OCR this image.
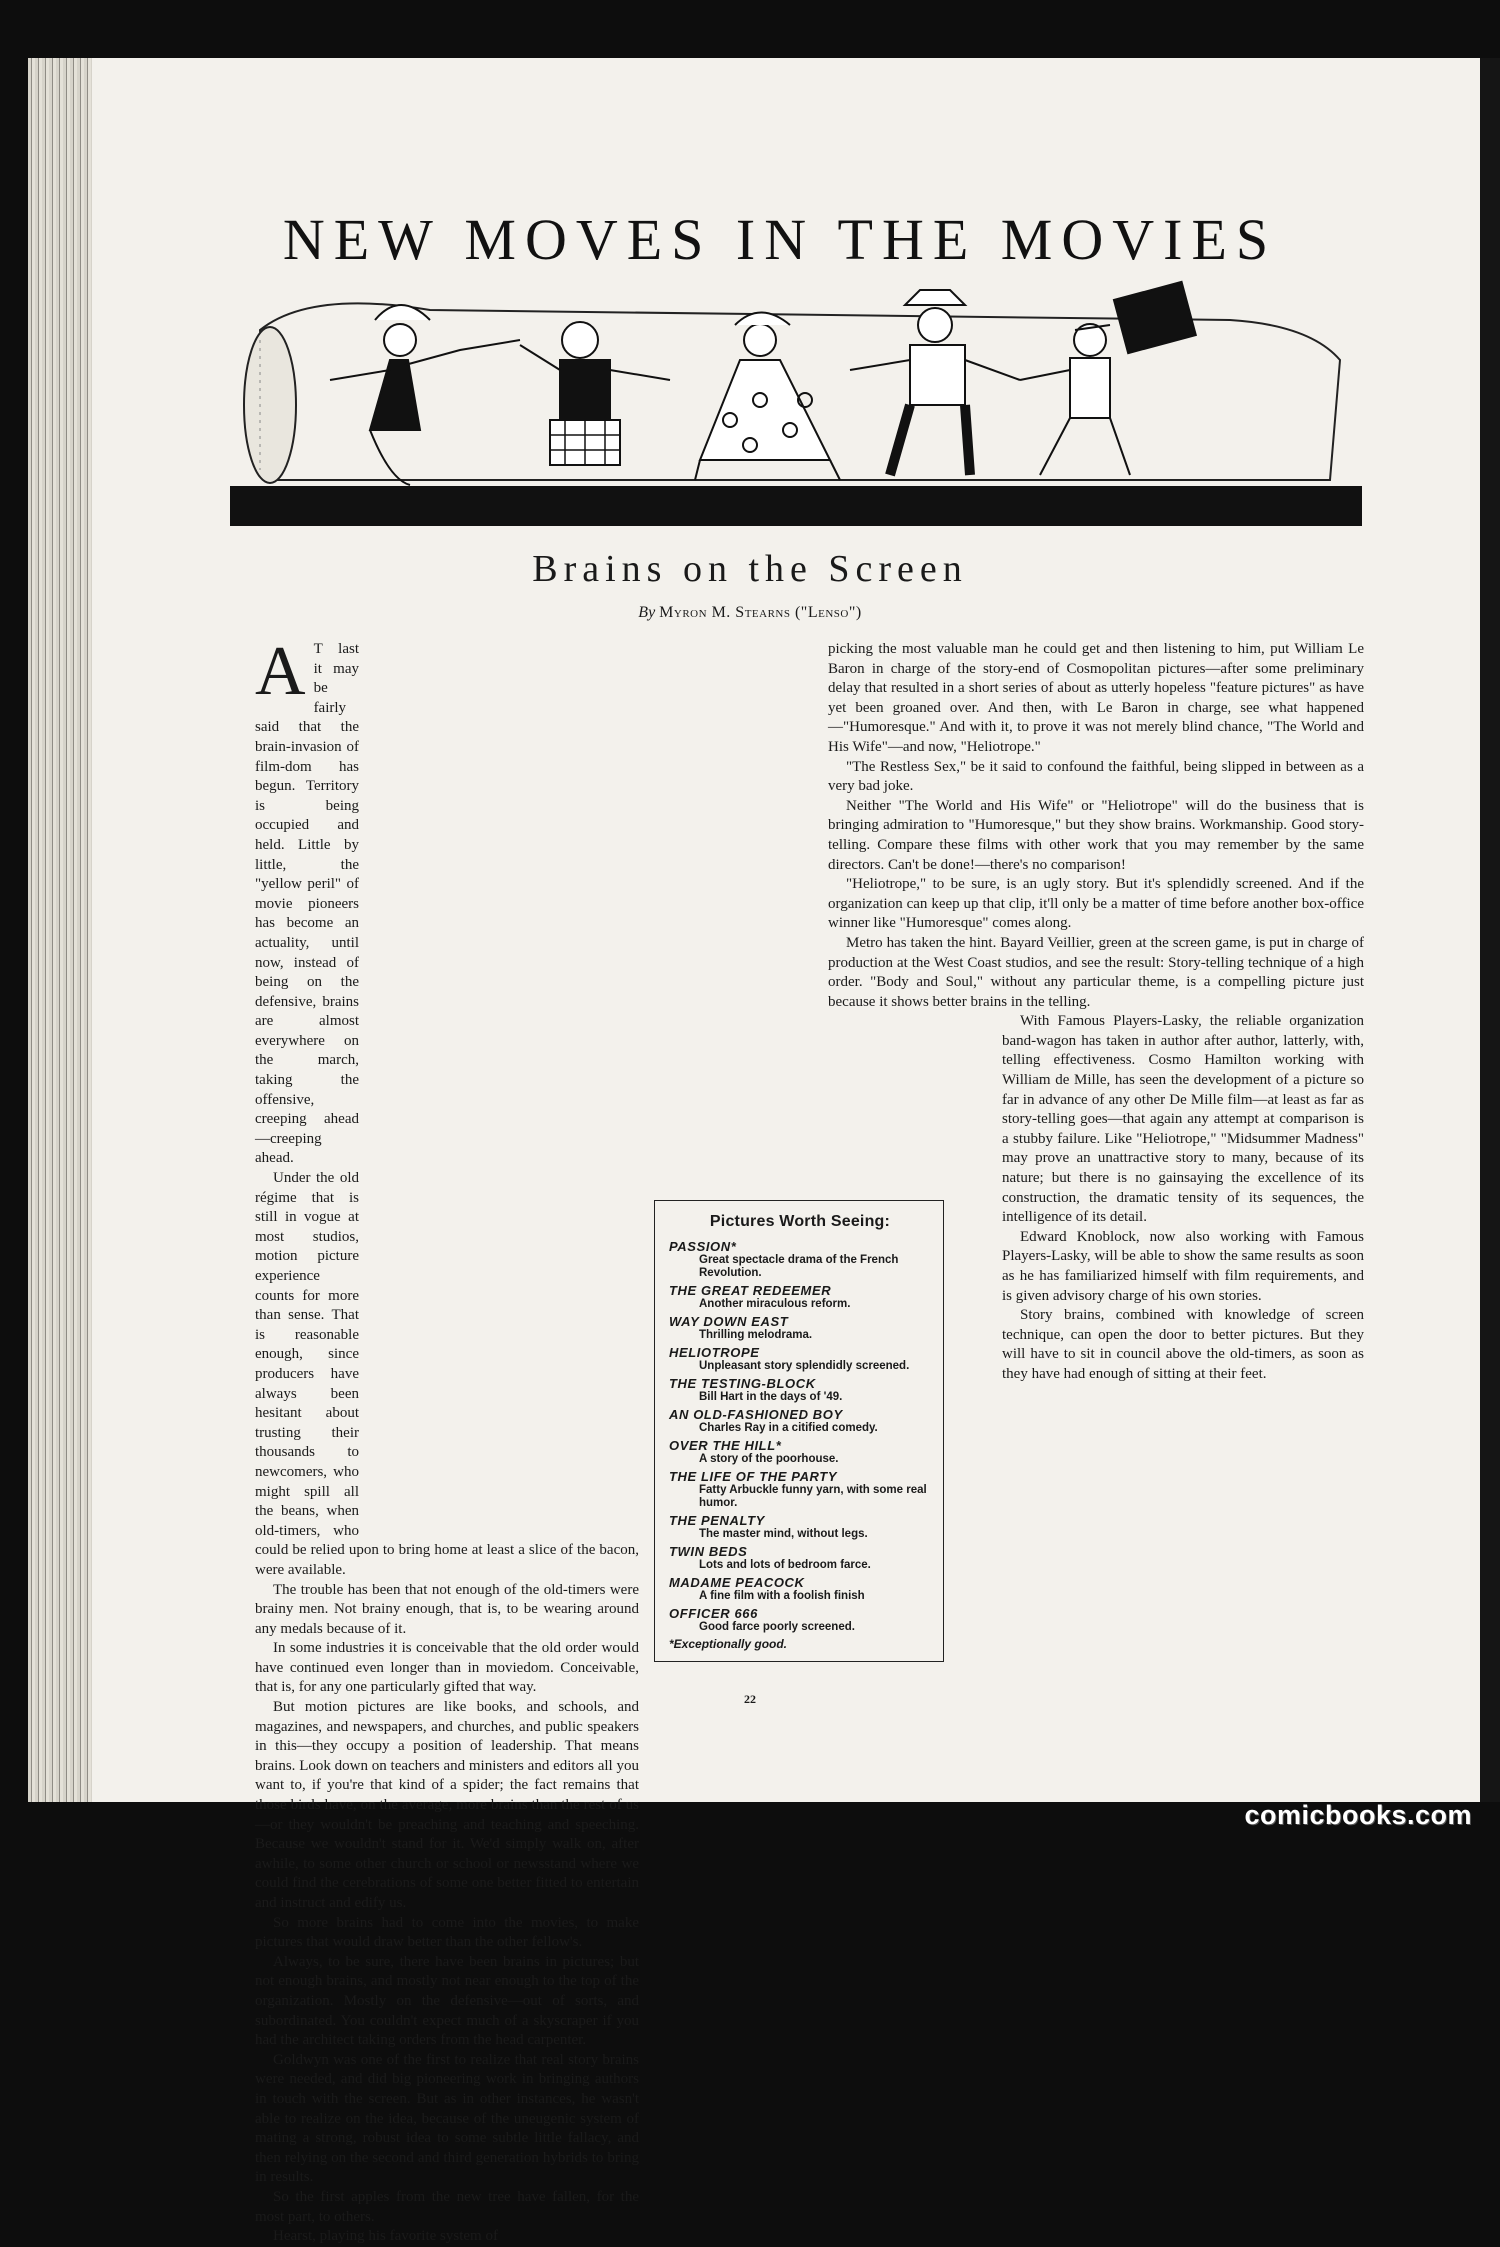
NEW MOVES IN THE MOVIES
Brains on the Screen
By Myron M. Stearns ("Lenso")
A T last it may be fairly said that the brain-invasion of film-dom has begun. Territory is being occupied and held. Little by little, the "yellow peril" of movie pioneers has become an actuality, until now, instead of being on the defensive, brains are almost everywhere on the march, taking the offensive, creeping ahead—creeping ahead.

Under the old régime that is still in vogue at most studios, motion picture experience counts for more than sense. That is reasonable enough, since producers have always been hesitant about trusting their thousands to newcomers, who might spill all the beans, when old-timers, who could be relied upon to bring home at least a slice of the bacon, were available.

The trouble has been that not enough of the old-timers were brainy men. Not brainy enough, that is, to be wearing around any medals because of it.

In some industries it is conceivable that the old order would have continued even longer than in moviedom. Conceivable, that is, for any one particularly gifted that way.

But motion pictures are like books, and schools, and magazines, and newspapers, and churches, and public speakers in this—they occupy a position of leadership. That means brains. Look down on teachers and ministers and editors all you want to, if you're that kind of a spider; the fact remains that those birds have, on the average, more brains than the rest of us—or they wouldn't be preaching and teaching and speeching. Because we wouldn't stand for it. We'd simply walk on, after awhile, to some other church or school or newsstand where we could find the cerebrations of some one better fitted to entertain and instruct and edify us.

So more brains had to come into the movies, to make pictures that would draw better than the other fellow's.

Always, to be sure, there have been brains in pictures; but not enough brains, and mostly not near enough to the top of the organization. Mostly on the defensive—out of sorts, and subordinated. You couldn't expect much of a skyscraper if you had the architect taking orders from the head carpenter.

Goldwyn was one of the first to realize that real story brains were needed, and did big pioneering work in bringing authors in touch with the screen. But as in other instances, he wasn't able to realize on the idea, because of the uneugenic system of mating a strong, robust idea to some subtle little fallacy, and then relying on the second and third generation hybrids to bring in results.

So the first apples from the new tree have fallen, for the most part, to others.

Hearst, playing his favorite system of

picking the most valuable man he could get and then listening to him, put William Le Baron in charge of the story-end of Cosmopolitan pictures—after some preliminary delay that resulted in a short series of about as utterly hopeless "feature pictures" as have yet been groaned over. And then, with Le Baron in charge, see what happened—"Humoresque." And with it, to prove it was not merely blind chance, "The World and His Wife"—and now, "Heliotrope."

"The Restless Sex," be it said to confound the faithful, being slipped in between as a very bad joke.

Neither "The World and His Wife" or "Heliotrope" will do the business that is bringing admiration to "Humoresque," but they show brains. Workmanship. Good story-telling. Compare these films with other work that you may remember by the same directors. Can't be done!—there's no comparison!

"Heliotrope," to be sure, is an ugly story. But it's splendidly screened. And if the organization can keep up that clip, it'll only be a matter of time before another box-office winner like "Humoresque" comes along.

Metro has taken the hint. Bayard Veillier, green at the screen game, is put in charge of production at the West Coast studios, and see the result: Story-telling technique of a high order. "Body and Soul," without any particular theme, is a compelling picture just because it shows better brains in the telling.

With Famous Players-Lasky, the reliable organization band-wagon has taken in author after author, latterly, with, telling effectiveness. Cosmo Hamilton working with William de Mille, has seen the development of a picture so far in advance of any other De Mille film—at least as far as story-telling goes—that again any attempt at comparison is a stubby failure. Like "Heliotrope," "Midsummer Madness" may prove an unattractive story to many, because of its nature; but there is no gainsaying the excellence of its construction, the dramatic tensity of its sequences, the intelligence of its detail.

Edward Knoblock, now also working with Famous Players-Lasky, will be able to show the same results as soon as he has familiarized himself with film requirements, and is given advisory charge of his own stories.

Story brains, combined with knowledge of screen technique, can open the door to better pictures. But they will have to sit in council above the old-timers, as soon as they have had enough of sitting at their feet.

Pictures Worth Seeing:
PASSION*
Great spectacle drama of the French Revolution.
THE GREAT REDEEMER
Another miraculous reform.
WAY DOWN EAST
Thrilling melodrama.
HELIOTROPE
Unpleasant story splendidly screened.
THE TESTING-BLOCK
Bill Hart in the days of '49.
AN OLD-FASHIONED BOY
Charles Ray in a citified comedy.
OVER THE HILL*
A story of the poorhouse.
THE LIFE OF THE PARTY
Fatty Arbuckle funny yarn, with some real humor.
THE PENALTY
The master mind, without legs.
TWIN BEDS
Lots and lots of bedroom farce.
MADAME PEACOCK
A fine film with a foolish finish
OFFICER 666
Good farce poorly screened.
*Exceptionally good.
22
comicbooks.com
